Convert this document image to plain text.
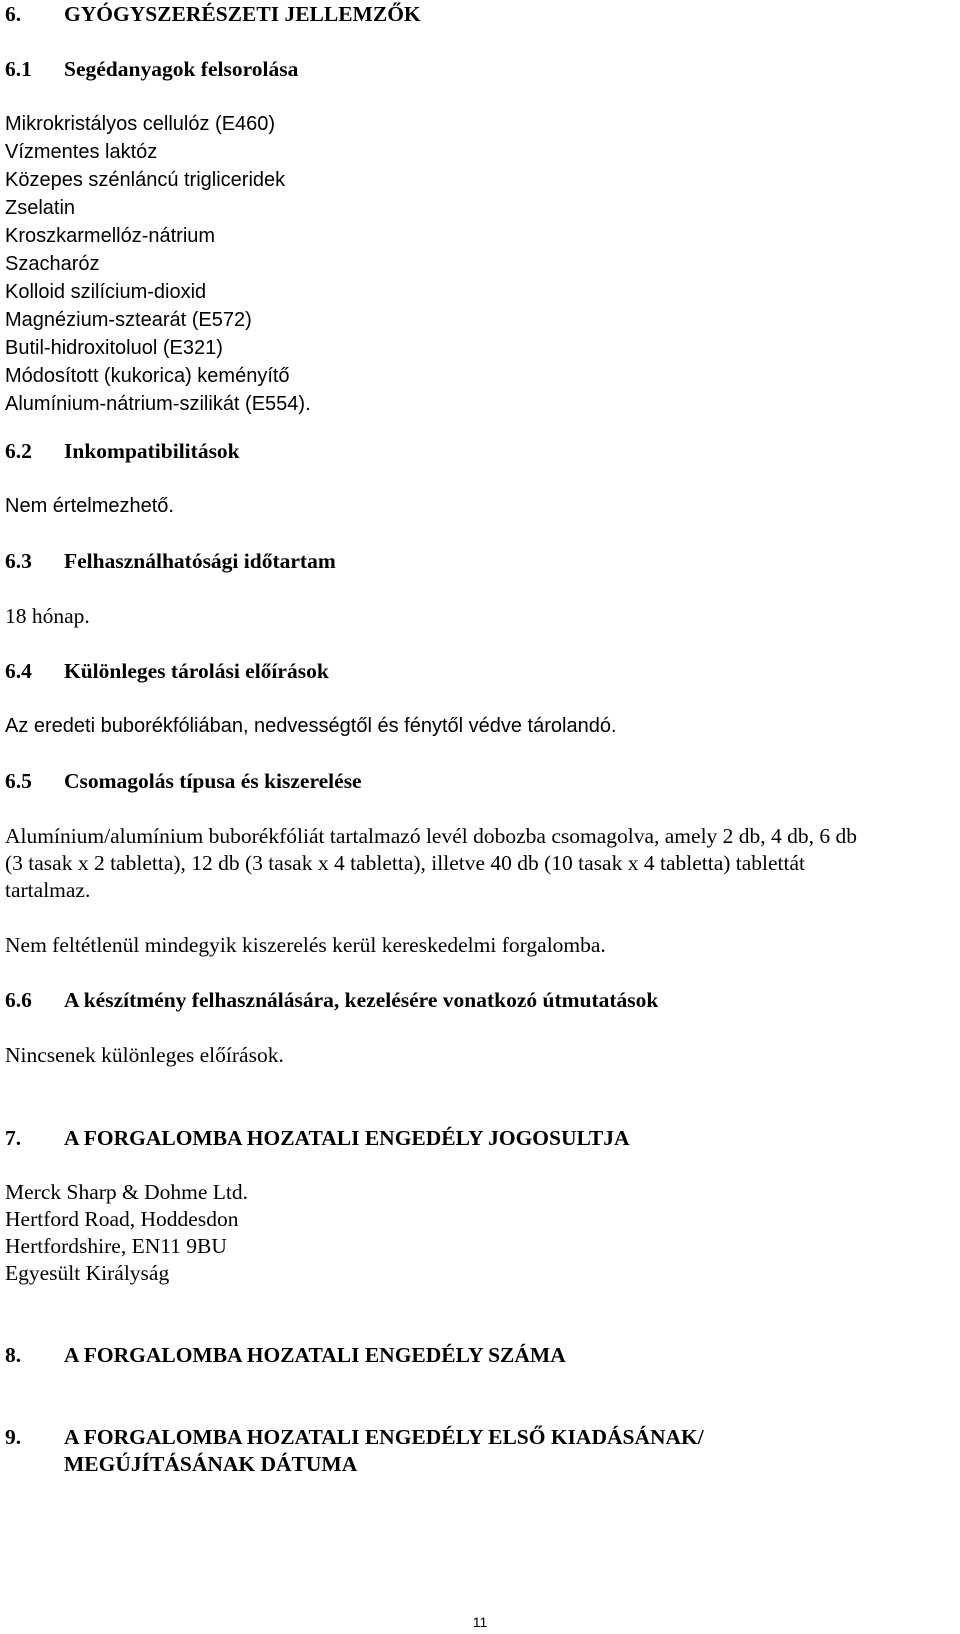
6. GYÓGYSZERÉSZETI JELLEMZŐK
6.1 Segédanyagok felsorolása
Mikrokristályos cellulóz (E460)
Vízmentes laktóz
Közepes szénláncú trigliceridek
Zselatin
Kroszkarmellóz-nátrium
Szacharóz
Kolloid szilícium-dioxid
Magnézium-sztearát (E572)
Butil-hidroxitoluol (E321)
Módosított (kukorica) keményítő
Alumínium-nátrium-szilikát (E554).
6.2 Inkompatibilitások
Nem értelmezhető.
6.3 Felhasználhatósági időtartam
18 hónap.
6.4 Különleges tárolási előírások
Az eredeti buborékfóliában, nedvességtől és fénytől védve tárolandó.
6.5 Csomagolás típusa és kiszerelése
Alumínium/alumínium buborékfóliát tartalmazó levél dobozba csomagolva, amely 2 db, 4 db, 6 db
(3 tasak x 2 tabletta), 12 db (3 tasak x 4 tabletta), illetve 40 db (10 tasak x 4 tabletta) tablettát
tartalmaz.
Nem feltétlenül mindegyik kiszerelés kerül kereskedelmi forgalomba.
6.6 A készítmény felhasználására, kezelésére vonatkozó útmutatások
Nincsenek különleges előírások.
7. A FORGALOMBA HOZATALI ENGEDÉLY JOGOSULTJA
Merck Sharp & Dohme Ltd.
Hertford Road, Hoddesdon
Hertfordshire, EN11 9BU
Egyesült Királyság
8. A FORGALOMBA HOZATALI ENGEDÉLY SZÁMA
9. A FORGALOMBA HOZATALI ENGEDÉLY ELSŐ KIADÁSÁNAK/
MEGÚJÍTÁSÁNAK DÁTUMA
11
